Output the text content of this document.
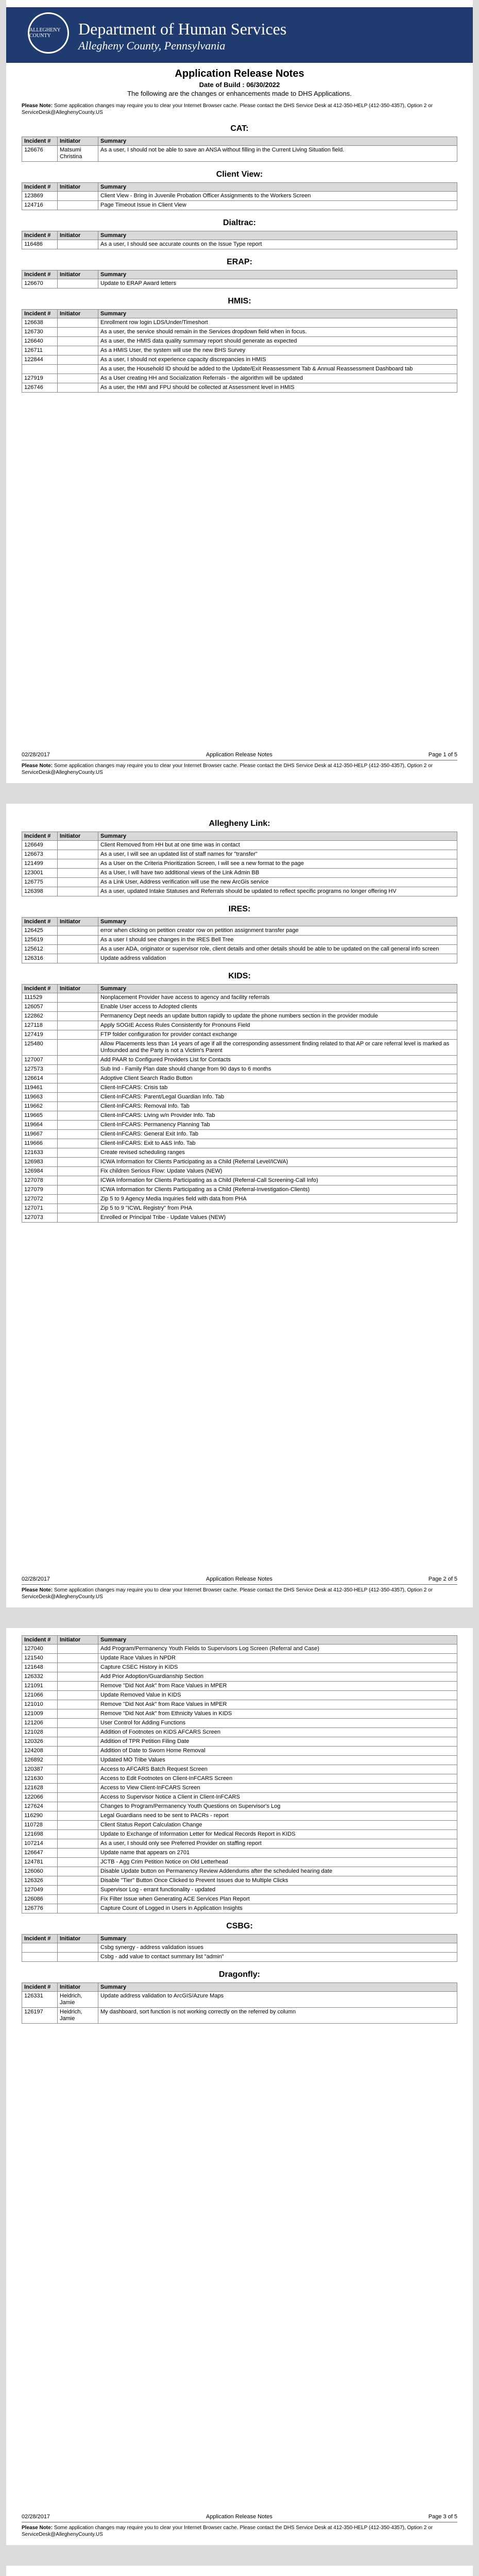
ALLEGHENY COUNTY	Department of Human Services
Allegheny County, Pennsylvania
Application Release Notes

Date of Build : 06/30/2022

The following are the changes or enhancements made to DHS Applications.

Please Note: Some application changes may require you to clear your Internet Browser cache. Please contact the DHS Service Desk at 412-350-HELP (412-350-4357), Option 2 or ServiceDesk@AlleghenyCounty.US

CAT:
Incident #	Initiator	Summary
126676	Matsumi Christina	As a user, I should not be able to save an ANSA without filling in the Current Living Situation field.
Client View:
Incident #	Initiator	Summary
123869		Client View - Bring in Juvenile Probation Officer Assignments to the Workers Screen
124716		Page Timeout Issue in Client View
Dialtrac:
Incident #	Initiator	Summary
116486		As a user, I should see accurate counts on the Issue Type report
ERAP:
Incident #	Initiator	Summary
126670		Update to ERAP Award letters
HMIS:
Incident #	Initiator	Summary
126638		Enrollment row login LDS/Under/Timeshort
126730		As a user, the service should remain in the Services dropdown field when in focus.
126640		As a user, the HMIS data quality summary report should generate as expected
126711		As a HMIS User, the system will use the new BHS Survey
122844		As a user, I should not experience capacity discrepancies in HMIS
		As a user, the Household ID should be added to the Update/Exit Reassessment Tab & Annual Reassessment Dashboard tab
127919		As a User creating HH and Socialization Referrals - the algorithm will be updated
126746		As a user, the HMI and FPU should be collected at Assessment level in HMIS
02/28/2017	Application Release Notes	Page 1 of 5

Please Note: Some application changes may require you to clear your Internet Browser cache. Please contact the DHS Service Desk at 412-350-HELP (412-350-4357), Option 2 or ServiceDesk@AlleghenyCounty.US

Allegheny Link:
Incident #	Initiator	Summary
126649		Client Removed from HH but at one time was in contact
126673		As a user, I will see an updated list of staff names for "transfer"
121499		As a User on the Criteria Prioritization Screen, I will see a new format to the page
123001		As a User, I will have two additional views of the Link Admin BB
126775		As a Link User, Address verification will use the new ArcGis service
126398		As a user, updated Intake Statuses and Referrals should be updated to reflect specific programs no longer offering HV
IRES:
Incident #	Initiator	Summary
126425		error when clicking on petition creator row on petition assignment transfer page
125619		As a user I should see changes in the IRES Bell Tree
125612		As a user ADA, originator or supervisor role, client details and other details should be able to be updated on the call general info screen
126316		Update address validation
KIDS:
Incident #	Initiator	Summary
111529		Nonplacement Provider have access to agency and facility referrals
126057		Enable User access to Adopted clients
122862		Permanency Dept needs an update button rapidly to update the phone numbers section in the provider module
127118		Apply SOGIE Access Rules Consistently for Pronouns Field
127419		FTP folder configuration for provider contact exchange
125480		Allow Placements less than 14 years of age if all the corresponding assessment finding related to that AP or care referral level is marked as Unfounded and the Party is not a Victim's Parent
127007		Add PAAR to Configured Providers List for Contacts
127573		Sub Ind - Family Plan date should change from 90 days to 6 months
126614		Adoptive Client Search Radio Button
119461		Client-InFCARS: Crisis tab
119663		Client-InFCARS: Parent/Legal Guardian Info. Tab
119662		Client-InFCARS: Removal Info. Tab
119665		Client-InFCARS: Living w/n Provider Info. Tab
119664		Client-InFCARS: Permanency Planning Tab
119667		Client-InFCARS: General Exit Info. Tab
119666		Client-InFCARS: Exit to A&S Info. Tab
121633		Create revised scheduling ranges
126983		ICWA Information for Clients Participating as a Child (Referral Level/ICWA)
126984		Fix children Serious Flow: Update Values (NEW)
127078		ICWA Information for Clients Participating as a Child (Referral-Call Screening-Call Info)
127079		ICWA Information for Clients Participating as a Child (Referral-Investigation-Clients)
127072		Zip 5 to 9 Agency Media Inquiries field with data from PHA
127071		Zip 5 to 9 "ICWL Registry" from PHA
127073		Enrolled or Principal Tribe - Update Values (NEW)
02/28/2017	Application Release Notes	Page 2 of 5

Please Note: Some application changes may require you to clear your Internet Browser cache. Please contact the DHS Service Desk at 412-350-HELP (412-350-4357), Option 2 or ServiceDesk@AlleghenyCounty.US

Incident #	Initiator	Summary
127040		Add Program/Permanency Youth Fields to Supervisors Log Screen (Referral and Case)
121540		Update Race Values in NPDR
121648		Capture CSEC History in KIDS
126332		Add Prior Adoption/Guardianship Section
121091		Remove "Did Not Ask" from Race Values in MPER
121066		Update Removed Value in KIDS
121010		Remove "Did Not Ask" from Race Values in MPER
121009		Remove "Did Not Ask" from Ethnicity Values in KIDS
121206		User Control for Adding Functions
121028		Addition of Footnotes on KIDS AFCARS Screen
120326		Addition of TPR Petition Filing Date
124208		Addition of Date to Sworn Home Removal
126892		Updated MO Tribe Values
120387		Access to AFCARS Batch Request Screen
121630		Access to Edit Footnotes on Client-InFCARS Screen
121628		Access to View Client-InFCARS Screen
122066		Access to Supervisor Notice a Client in Client-InFCARS
127624		Changes to Program/Permanency Youth Questions on Supervisor's Log
116290		Legal Guardians need to be sent to PACRs - report
110728		Client Status Report Calculation Change
121698		Update to Exchange of Information Letter for Medical Records Report in KIDS
107214		As a user, I should only see Preferred Provider on staffing report
126647		Update name that appears on 2701
124781		JCTB - Agg Crim Petition Notice on Old Letterhead
126060		Disable Update button on Permanency Review Addendums after the scheduled hearing date
126326		Disable "Tier" Button Once Clicked to Prevent Issues due to Multiple Clicks
127049		Supervisor Log - errant functionality - updated
126086		Fix Filter Issue when Generating ACE Services Plan Report
126776		Capture Count of Logged in Users in Application Insights
CSBG:
Incident #	Initiator	Summary
		Csbg synergy - address validation issues
		Csbg - add value to contact summary list "admin"
Dragonfly:
Incident #	Initiator	Summary
126331	Heidrich, Jamie	Update address validation to ArcGIS/Azure Maps
126197	Heidrich, Jamie	My dashboard, sort function is not working correctly on the referred by column
02/28/2017	Application Release Notes	Page 3 of 5

Please Note: Some application changes may require you to clear your Internet Browser cache. Please contact the DHS Service Desk at 412-350-HELP (412-350-4357), Option 2 or ServiceDesk@AlleghenyCounty.US
